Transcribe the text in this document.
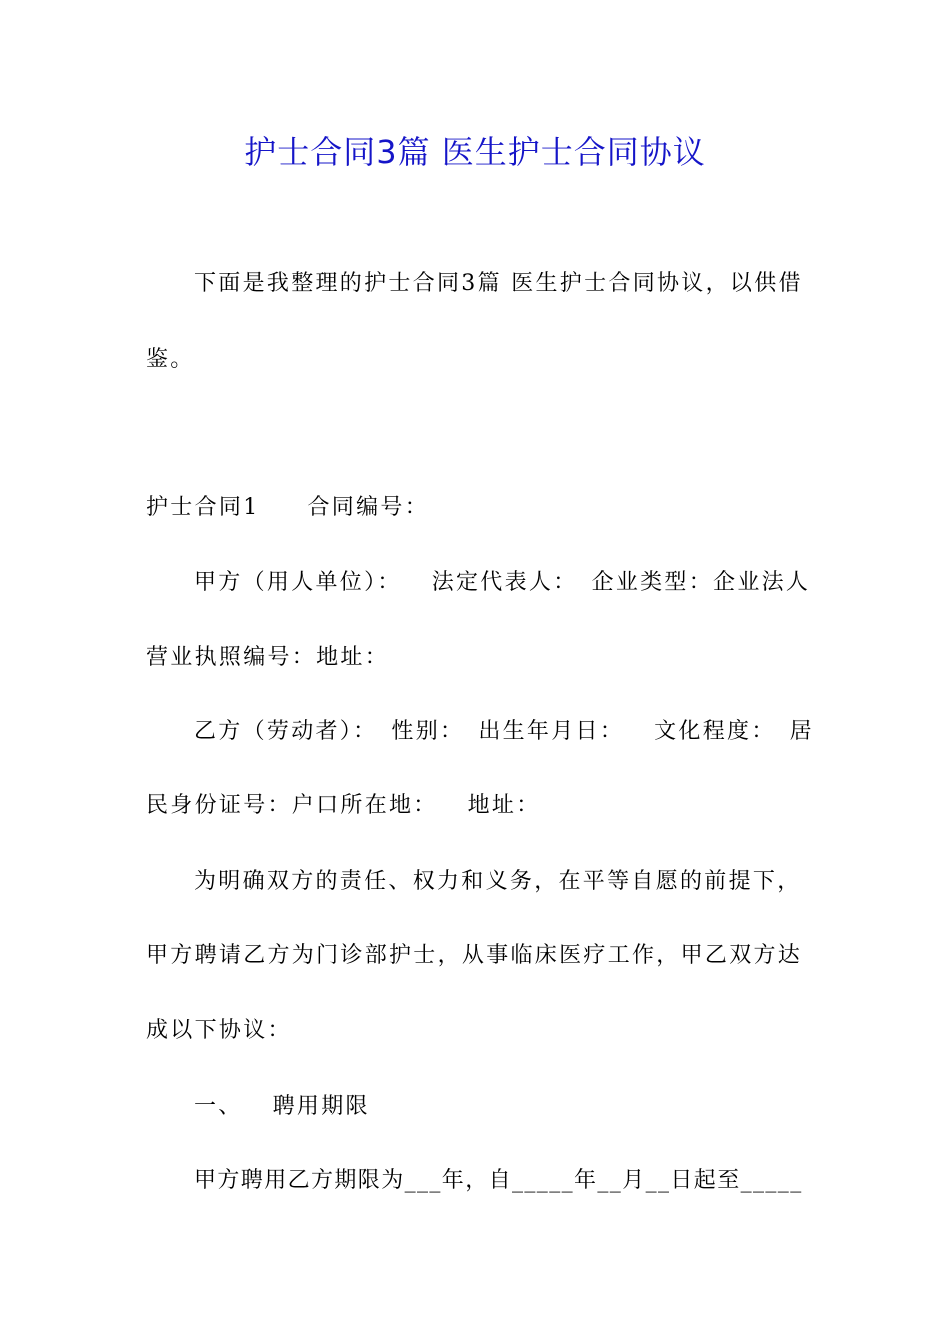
护士合同3篇 医生护士合同协议
下面是我整理的护士合同3篇 医生护士合同协议，以供借
鉴。
护士合同1 合同编号：
甲方（用人单位）： 法定代表人： 企业类型：企业法人
营业执照编号：地址：
乙方（劳动者）： 性别： 出生年月日： 文化程度： 居
民身份证号：户口所在地： 地址：
为明确双方的责任、权力和义务，在平等自愿的前提下，
甲方聘请乙方为门诊部护士，从事临床医疗工作，甲乙双方达
成以下协议：
一、 聘用期限
甲方聘用乙方期限为___年，自_____年__月__日起至_____
